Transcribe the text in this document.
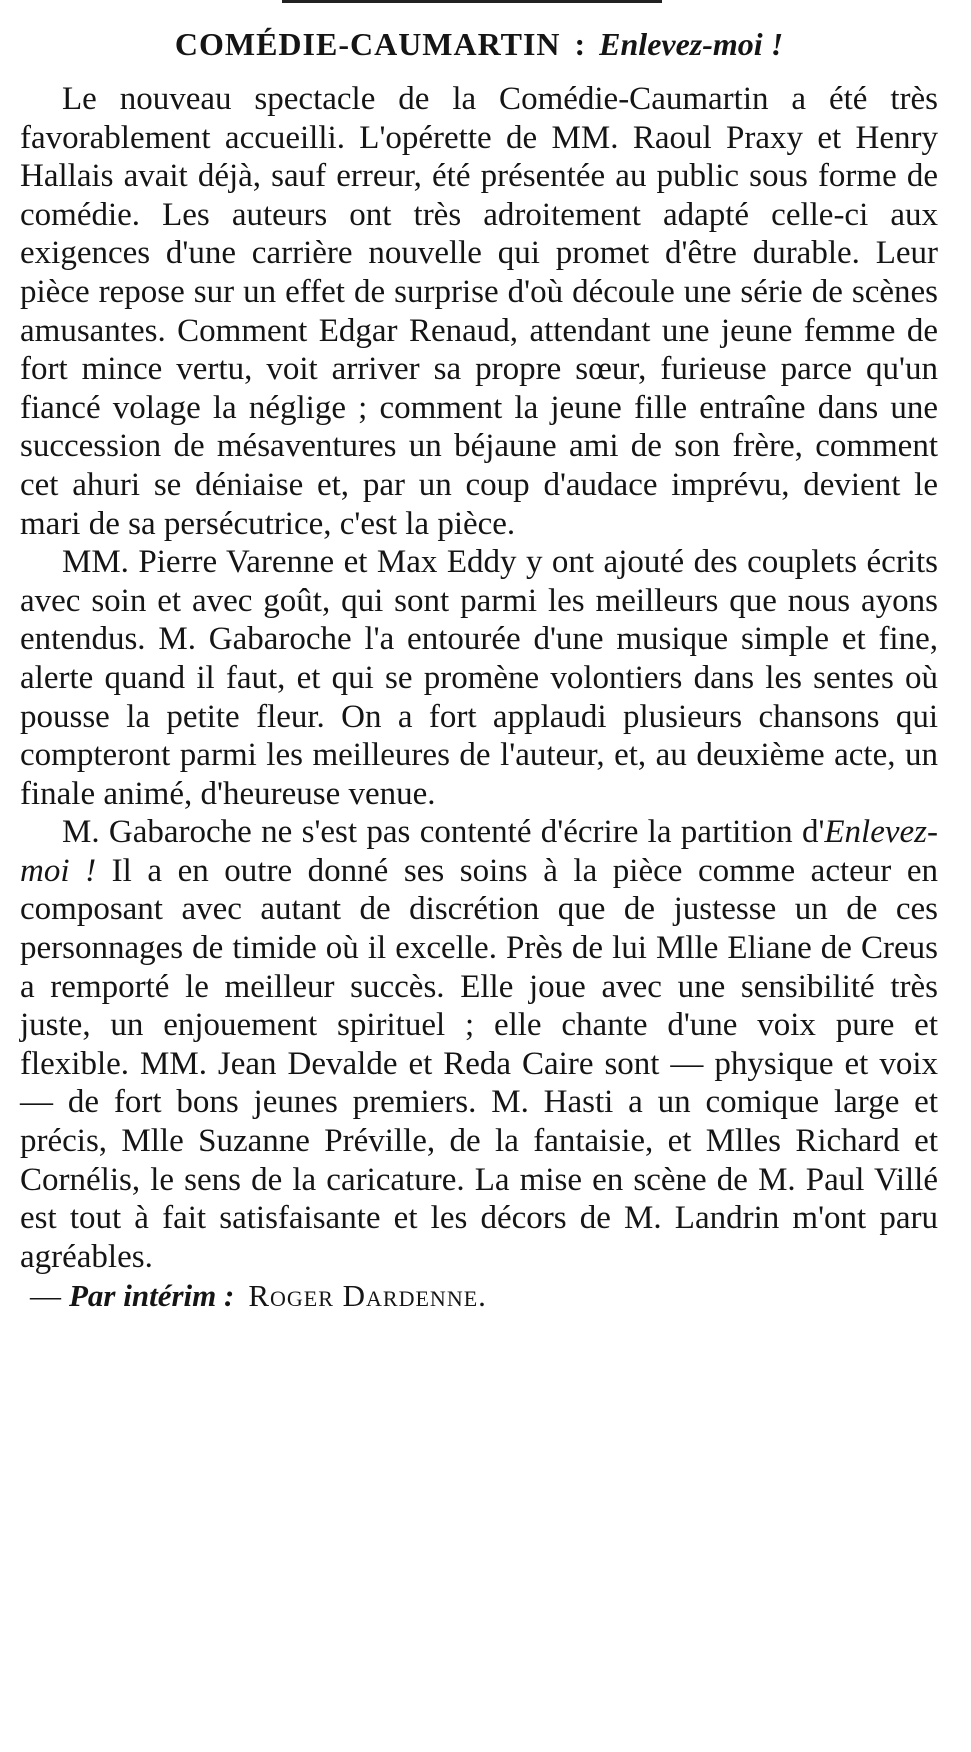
COMÉDIE-CAUMARTIN : Enlevez-moi !

Le nouveau spectacle de la Comédie-Caumartin a été très favorablement accueilli. L'opérette de MM. Raoul Praxy et Henry Hallais avait déjà, sauf erreur, été présentée au public sous forme de comédie. Les auteurs ont très adroitement adapté celle-ci aux exigences d'une carrière nouvelle qui promet d'être durable. Leur pièce repose sur un effet de surprise d'où découle une série de scènes amusantes. Comment Edgar Renaud, attendant une jeune femme de fort mince vertu, voit arriver sa propre sœur, furieuse parce qu'un fiancé volage la néglige ; comment la jeune fille entraîne dans une succession de mésaventures un béjaune ami de son frère, comment cet ahuri se déniaise et, par un coup d'audace imprévu, devient le mari de sa persécutrice, c'est la pièce.

MM. Pierre Varenne et Max Eddy y ont ajouté des couplets écrits avec soin et avec goût, qui sont parmi les meilleurs que nous ayons entendus. M. Gabaroche l'a entourée d'une musique simple et fine, alerte quand il faut, et qui se promène volontiers dans les sentes où pousse la petite fleur. On a fort applaudi plusieurs chansons qui compteront parmi les meilleures de l'auteur, et, au deuxième acte, un finale animé, d'heureuse venue.

M. Gabaroche ne s'est pas contenté d'écrire la partition d'Enlevez-moi ! Il a en outre donné ses soins à la pièce comme acteur en composant avec autant de discrétion que de justesse un de ces personnages de timide où il excelle. Près de lui Mlle Eliane de Creus a remporté le meilleur succès. Elle joue avec une sensibilité très juste, un enjouement spirituel ; elle chante d'une voix pure et flexible. MM. Jean Devalde et Reda Caire sont — physique et voix — de fort bons jeunes premiers. M. Hasti a un comique large et précis, Mlle Suzanne Préville, de la fantaisie, et Mlles Richard et Cornélis, le sens de la caricature. La mise en scène de M. Paul Villé est tout à fait satisfaisante et les décors de M. Landrin m'ont paru agréables.

— Par intérim : Roger Dardenne.
